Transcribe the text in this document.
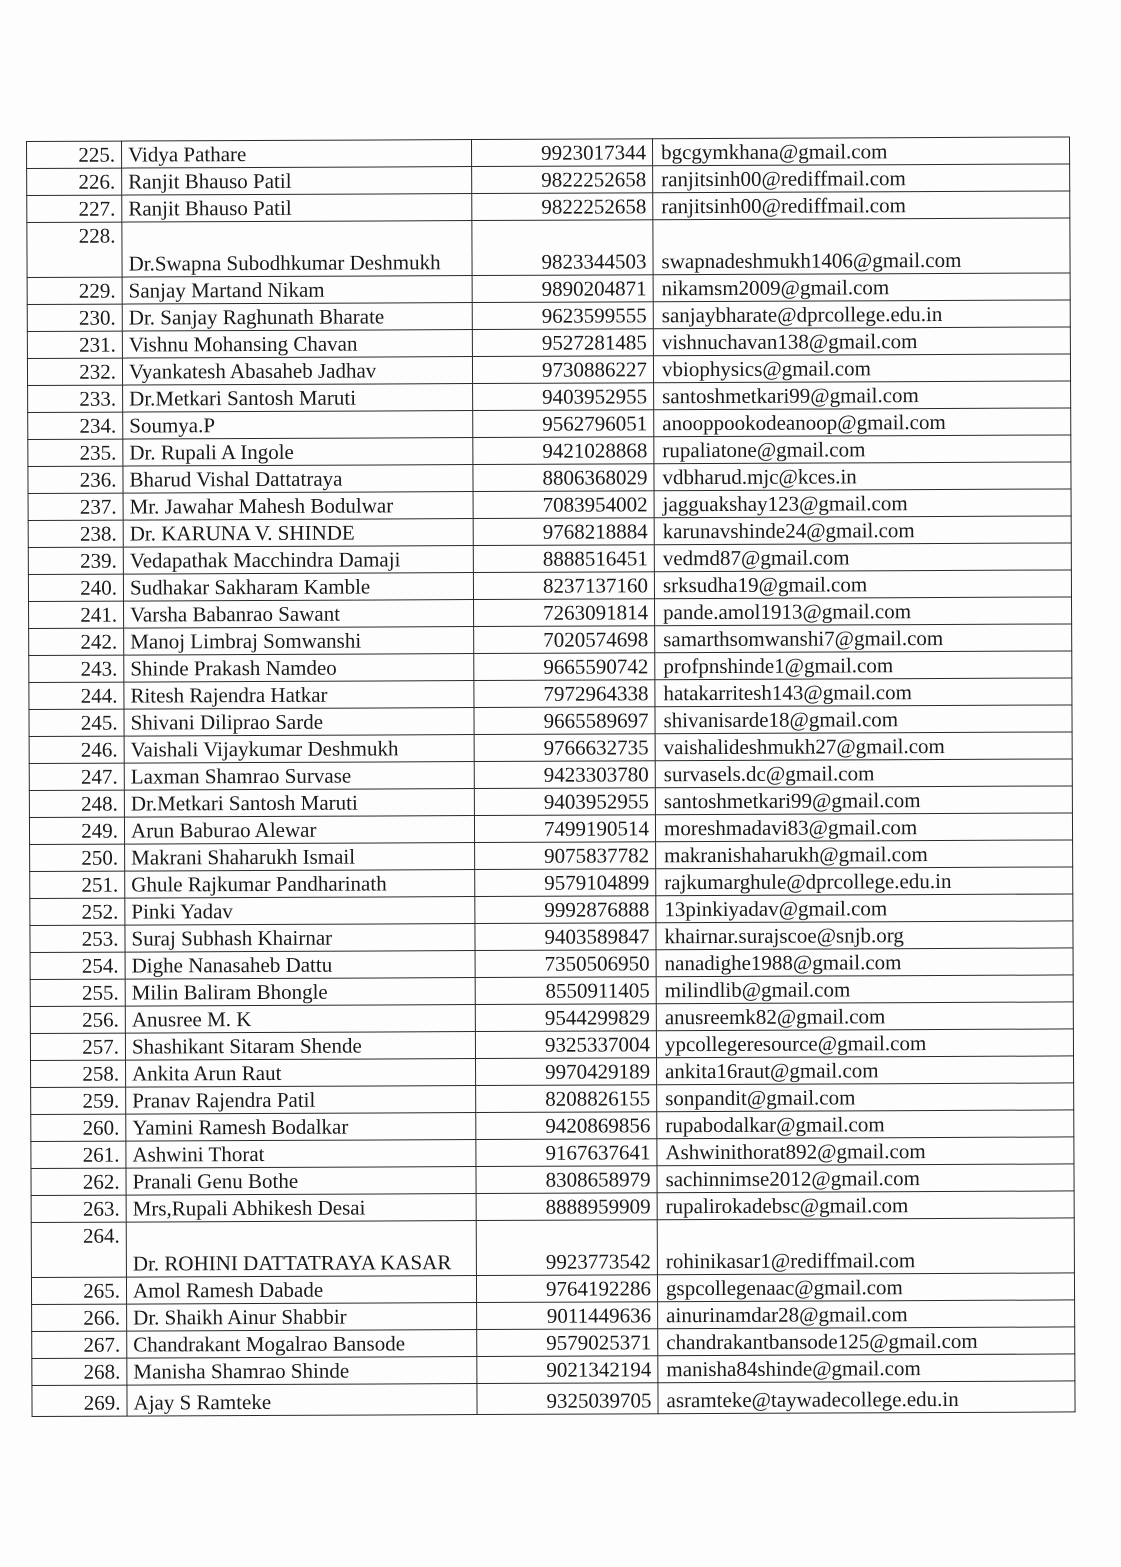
225.	Vidya Pathare	9923017344	bgcgymkhana@gmail.com
226.	Ranjit Bhauso Patil	9822252658	ranjitsinh00@rediffmail.com
227.	Ranjit Bhauso Patil	9822252658	ranjitsinh00@rediffmail.com
228.	Dr.Swapna Subodhkumar Deshmukh	9823344503	swapnadeshmukh1406@gmail.com
229.	Sanjay Martand Nikam	9890204871	nikamsm2009@gmail.com
230.	Dr. Sanjay Raghunath Bharate	9623599555	sanjaybharate@dprcollege.edu.in
231.	Vishnu Mohansing Chavan	9527281485	vishnuchavan138@gmail.com
232.	Vyankatesh Abasaheb Jadhav	9730886227	vbiophysics@gmail.com
233.	Dr.Metkari Santosh Maruti	9403952955	santoshmetkari99@gmail.com
234.	Soumya.P	9562796051	anooppookodeanoop@gmail.com
235.	Dr. Rupali A Ingole	9421028868	rupaliatone@gmail.com
236.	Bharud Vishal Dattatraya	8806368029	vdbharud.mjc@kces.in
237.	Mr. Jawahar Mahesh Bodulwar	7083954002	jagguakshay123@gmail.com
238.	Dr. KARUNA V. SHINDE	9768218884	karunavshinde24@gmail.com
239.	Vedapathak Macchindra Damaji	8888516451	vedmd87@gmail.com
240.	Sudhakar Sakharam Kamble	8237137160	srksudha19@gmail.com
241.	Varsha Babanrao Sawant	7263091814	pande.amol1913@gmail.com
242.	Manoj Limbraj Somwanshi	7020574698	samarthsomwanshi7@gmail.com
243.	Shinde Prakash Namdeo	9665590742	profpnshinde1@gmail.com
244.	Ritesh Rajendra Hatkar	7972964338	hatakarritesh143@gmail.com
245.	Shivani Diliprao Sarde	9665589697	shivanisarde18@gmail.com
246.	Vaishali Vijaykumar Deshmukh	9766632735	vaishalideshmukh27@gmail.com
247.	Laxman Shamrao Survase	9423303780	survasels.dc@gmail.com
248.	Dr.Metkari Santosh Maruti	9403952955	santoshmetkari99@gmail.com
249.	Arun Baburao Alewar	7499190514	moreshmadavi83@gmail.com
250.	Makrani Shaharukh Ismail	9075837782	makranishaharukh@gmail.com
251.	Ghule Rajkumar Pandharinath	9579104899	rajkumarghule@dprcollege.edu.in
252.	Pinki Yadav	9992876888	13pinkiyadav@gmail.com
253.	Suraj Subhash Khairnar	9403589847	khairnar.surajscoe@snjb.org
254.	Dighe Nanasaheb Dattu	7350506950	nanadighe1988@gmail.com
255.	Milin Baliram Bhongle	8550911405	milindlib@gmail.com
256.	Anusree M. K	9544299829	anusreemk82@gmail.com
257.	Shashikant Sitaram Shende	9325337004	ypcollegeresource@gmail.com
258.	Ankita Arun Raut	9970429189	ankita16raut@gmail.com
259.	Pranav Rajendra Patil	8208826155	sonpandit@gmail.com
260.	Yamini Ramesh Bodalkar	9420869856	rupabodalkar@gmail.com
261.	Ashwini Thorat	9167637641	Ashwinithorat892@gmail.com
262.	Pranali Genu Bothe	8308658979	sachinnimse2012@gmail.com
263.	Mrs,Rupali Abhikesh Desai	8888959909	rupalirokadebsc@gmail.com
264.	Dr. ROHINI DATTATRAYA KASAR	9923773542	rohinikasar1@rediffmail.com
265.	Amol Ramesh Dabade	9764192286	gspcollegenaac@gmail.com
266.	Dr. Shaikh Ainur Shabbir	9011449636	ainurinamdar28@gmail.com
267.	Chandrakant Mogalrao Bansode	9579025371	chandrakantbansode125@gmail.com
268.	Manisha Shamrao Shinde	9021342194	manisha84shinde@gmail.com
269.	Ajay S Ramteke	9325039705	asramteke@taywadecollege.edu.in
